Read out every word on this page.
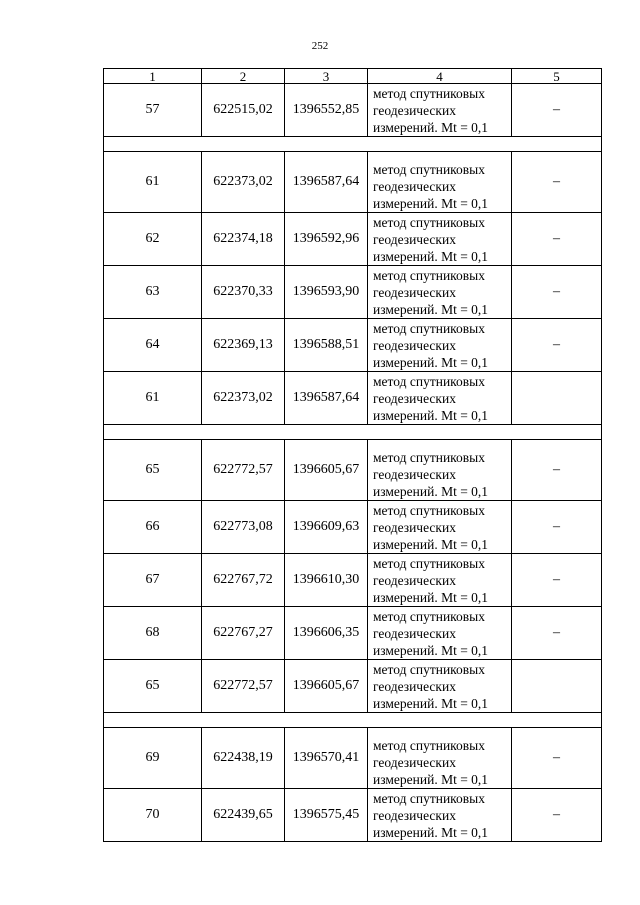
252
1	2	3	4	5
57	622515,02	1396552,85	метод спутниковых
геодезических
измерений. Mt = 0,1	–

61	622373,02	1396587,64	метод спутниковых
геодезических
измерений. Mt = 0,1	–
62	622374,18	1396592,96	метод спутниковых
геодезических
измерений. Mt = 0,1	–
63	622370,33	1396593,90	метод спутниковых
геодезических
измерений. Mt = 0,1	–
64	622369,13	1396588,51	метод спутниковых
геодезических
измерений. Mt = 0,1	–
61	622373,02	1396587,64	метод спутниковых
геодезических
измерений. Mt = 0,1	

65	622772,57	1396605,67	метод спутниковых
геодезических
измерений. Mt = 0,1	–
66	622773,08	1396609,63	метод спутниковых
геодезических
измерений. Mt = 0,1	–
67	622767,72	1396610,30	метод спутниковых
геодезических
измерений. Mt = 0,1	–
68	622767,27	1396606,35	метод спутниковых
геодезических
измерений. Mt = 0,1	–
65	622772,57	1396605,67	метод спутниковых
геодезических
измерений. Mt = 0,1	

69	622438,19	1396570,41	метод спутниковых
геодезических
измерений. Mt = 0,1	–
70	622439,65	1396575,45	метод спутниковых
геодезических
измерений. Mt = 0,1	–
